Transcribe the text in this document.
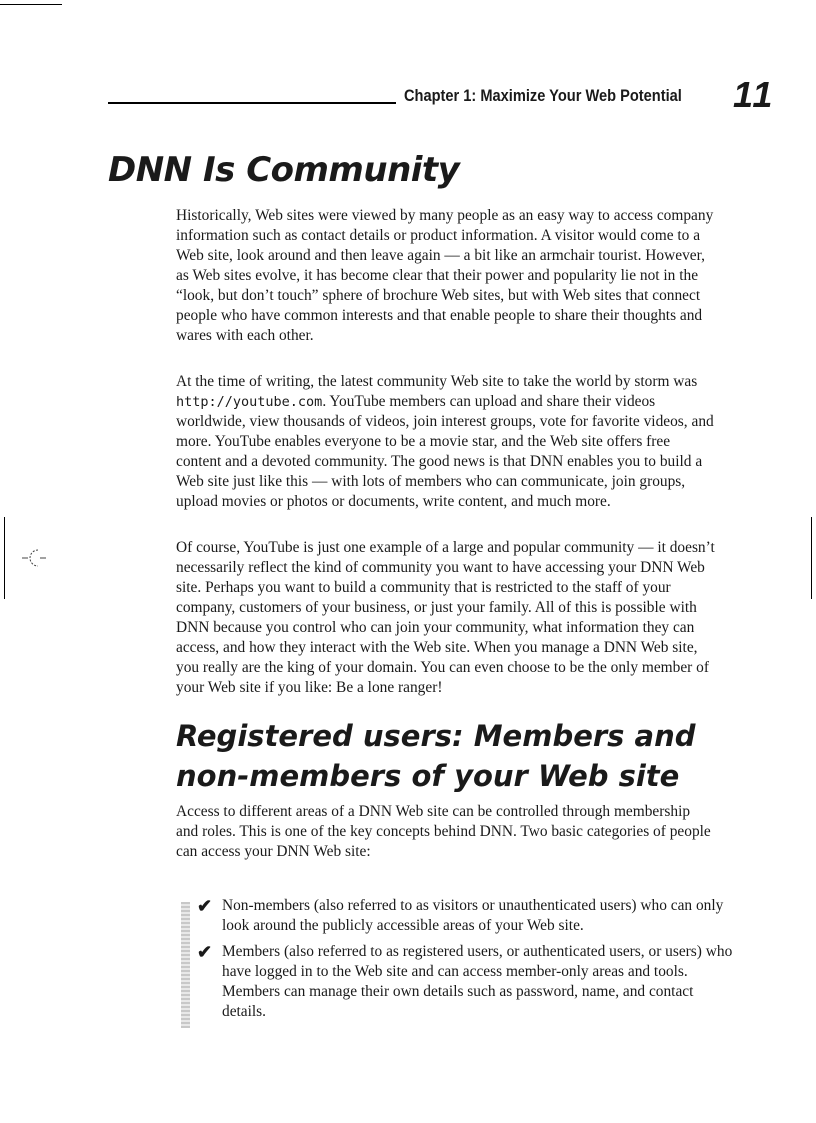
Chapter 1: Maximize Your Web Potential 11
DNN Is Community

Historically, Web sites were viewed by many people as an easy way to access company information such as contact details or product information. A visitor would come to a Web site, look around and then leave again — a bit like an armchair tourist. However, as Web sites evolve, it has become clear that their power and popularity lie not in the “look, but don’t touch” sphere of brochure Web sites, but with Web sites that connect people who have common interests and that enable people to share their thoughts and wares with each other.

At the time of writing, the latest community Web site to take the world by storm was http://youtube.com. YouTube members can upload and share their videos worldwide, view thousands of videos, join interest groups, vote for favorite videos, and more. YouTube enables everyone to be a movie star, and the Web site offers free content and a devoted community. The good news is that DNN enables you to build a Web site just like this — with lots of members who can communicate, join groups, upload movies or photos or documents, write content, and much more.

Of course, YouTube is just one example of a large and popular community — it doesn’t necessarily reflect the kind of community you want to have accessing your DNN Web site. Perhaps you want to build a community that is restricted to the staff of your company, customers of your business, or just your family. All of this is possible with DNN because you control who can join your community, what information they can access, and how they interact with the Web site. When you manage a DNN Web site, you really are the king of your domain. You can even choose to be the only member of your Web site if you like: Be a lone ranger!

Registered users: Members and non-members of your Web site

Access to different areas of a DNN Web site can be controlled through membership and roles. This is one of the key concepts behind DNN. Two basic categories of people can access your DNN Web site:

✔ Non-members (also referred to as visitors or unauthenticated users) who can only look around the publicly accessible areas of your Web site.
✔ Members (also referred to as registered users, or authenticated users, or users) who have logged in to the Web site and can access member-only areas and tools. Members can manage their own details such as password, name, and contact details.
